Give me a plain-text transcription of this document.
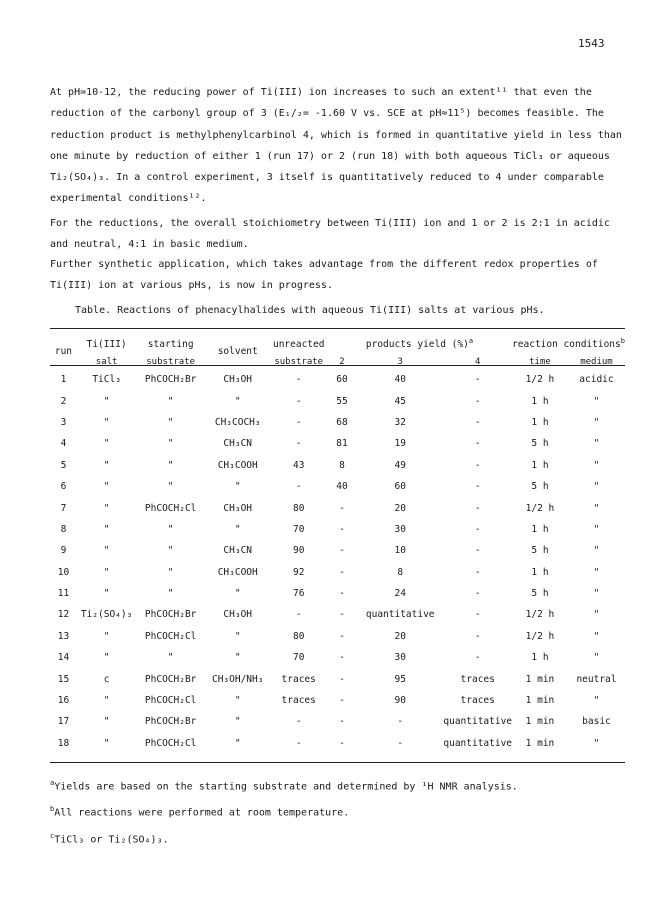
1543
At pH≃10-12, the reducing power of Ti(III) ion increases to such an extent¹¹ that even the reduction of the carbonyl group of 3 (E₁/₂= -1.60 V vs. SCE at pH≈11⁵) becomes feasible. The reduction product is methylphenylcarbinol 4, which is formed in quantitative yield in less than one minute by reduction of either 1 (run 17) or 2 (run 18) with both aqueous TiCl₃ or aqueous Ti₂(SO₄)₃. In a control experiment, 3 itself is quantitatively reduced to 4 under comparable experimental conditions¹².
For the reductions, the overall stoichiometry between Ti(III) ion and 1 or 2 is 2:1 in acidic and neutral, 4:1 in basic medium.
Further synthetic application, which takes advantage from the different redox properties of Ti(III) ion at various pHs, is now in progress.
Table. Reactions of phenacylhalides with aqueous Ti(III) salts at various pHs.
run	Ti(III)	starting	solvent	unreacted	products yield (%)$^a$			reaction conditions$^b$
	salt	substrate		substrate	2	3	4	time	medium
1	TiCl₃	PhCOCH₂Br	CH₃OH	-	60	40	-	1/2 h	acidic
2	"	"	"	-	55	45	-	1 h	"
3	"	"	CH₃COCH₃	-	68	32	-	1 h	"
4	"	"	CH₃CN	-	81	19	-	5 h	"
5	"	"	CH₃COOH	43	8	49	-	1 h	"
6	"	"	"	-	40	60	-	5 h	"
7	"	PhCOCH₂Cl	CH₃OH	80	-	20	-	1/2 h	"
8	"	"	"	70	-	30	-	1 h	"
9	"	"	CH₃CN	90	-	10	-	5 h	"
10	"	"	CH₃COOH	92	-	8	-	1 h	"
11	"	"	"	76	-	24	-	5 h	"
12	Ti₂(SO₄)₃	PhCOCH₂Br	CH₃OH	-	-	quantitative	-	1/2 h	"
13	"	PhCOCH₂Cl	"	80	-	20	-	1/2 h	"
14	"	"	"	70	-	30	-	1 h	"
15	c	PhCOCH₂Br	CH₃OH/NH₃	traces	-	95	traces	1 min	neutral
16	"	PhCOCH₂Cl	"	traces	-	90	traces	1 min	"
17	"	PhCOCH₂Br	"	-	-	-	quantitative	1 min	basic
18	"	PhCOCH₂Cl	"	-	-	-	quantitative	1 min	"
$^a$Yields are based on the starting substrate and determined by ¹H NMR analysis.
$^b$All reactions were performed at room temperature.
$^c$TiCl₃ or Ti₂(SO₄)₃.
